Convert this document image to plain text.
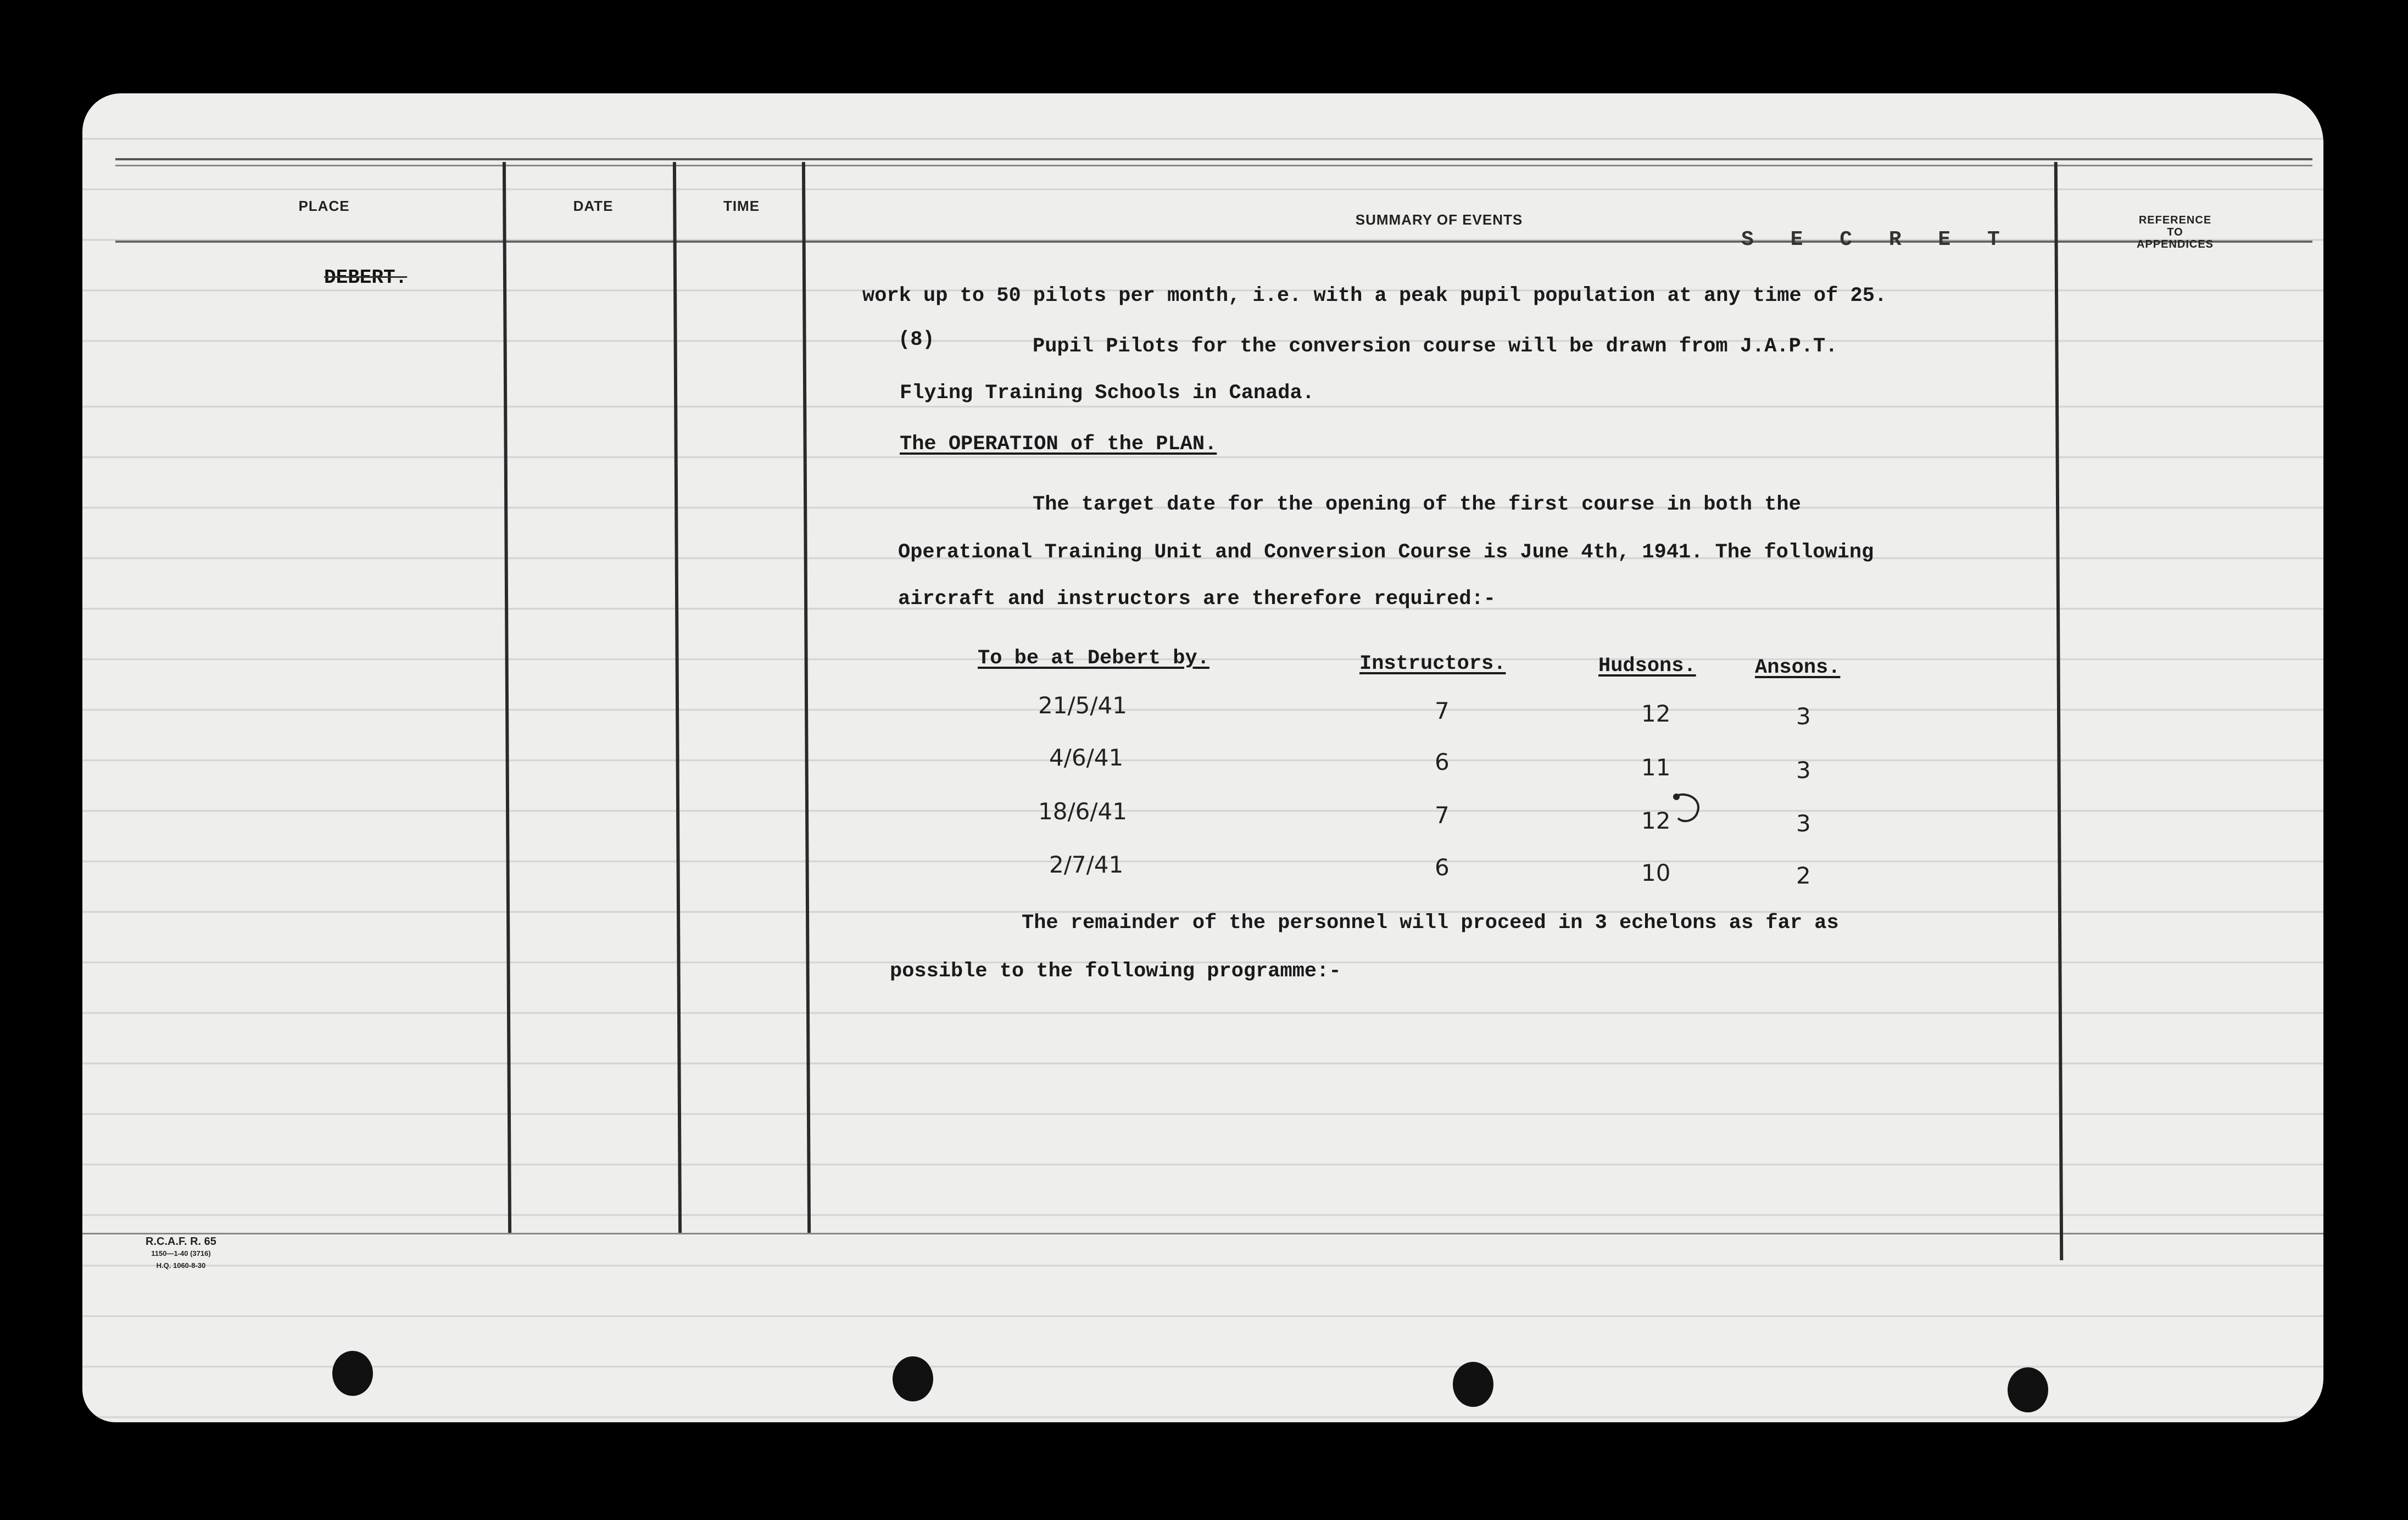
PLACE	DATE	TIME
SUMMARY OF EVENTS	REFERENCE
TO
APPENDICES
S E C R E T
DEBERT.
work up to 50 pilots per month, i.e. with a peak pupil population at any time of 25.
(8)	Pupil Pilots for the conversion course will be drawn from J.A.P.T.
Flying Training Schools in Canada.
The OPERATION of the PLAN.
The target date for the opening of the first course in both the
Operational Training Unit and Conversion Course is June 4th, 1941. The following
aircraft and instructors are therefore required:-
To be at Debert by.	Instructors.	Hudsons.	Ansons.
21/5/41	7	12	3
4/6/41	6	11	3
18/6/41	7	12	3
2/7/41	6	10	2
The remainder of the personnel will proceed in 3 echelons as far as
possible to the following programme:-
R.C.A.F. R. 65
1150—1-40 (3716)
H.Q. 1060-8-30
